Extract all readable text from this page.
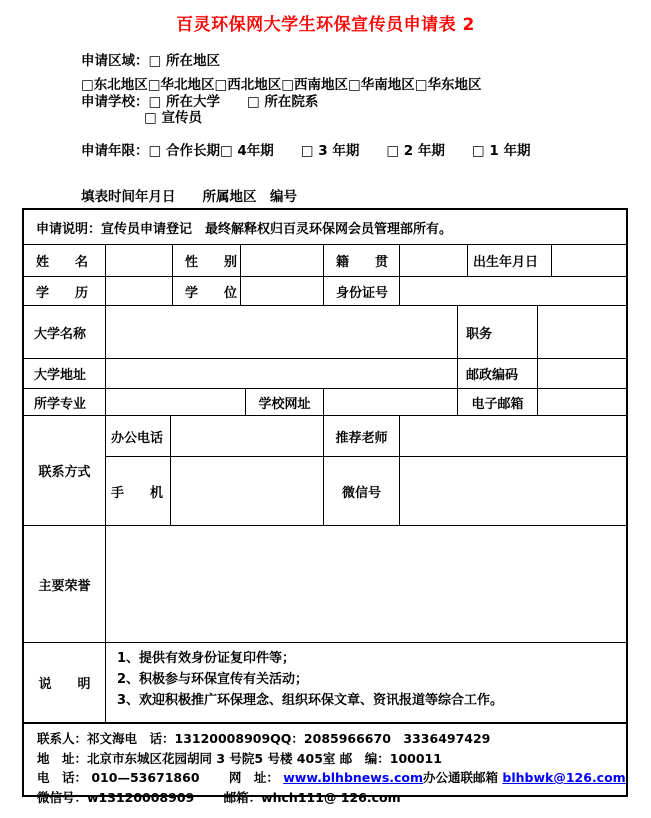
百灵环保网大学生环保宣传员申请表 2
申请区域：□ 所在地区
□东北地区□华北地区□西北地区□西南地区□华南地区□华东地区
申请学校：□ 所在大学　　□ 所在院系
□ 宣传员
申请年限：□ 合作长期□ 4年期　　□ 3 年期　　□ 2 年期　　□ 1 年期
填表时间年月日　　所属地区　编号
申请说明：宣传员申请登记　最终解释权归百灵环保网会员管理部所有。
姓　　名	性　　别	籍　　贯	出生年月日
学　　历	学　　位	身份证号
大学名称	职务
大学地址	邮政编码
所学专业	学校网址	电子邮箱
联系方式
办公电话	推荐老师
手　　机	微信号
主要荣誉
说　　明
1、提供有效身份证复印件等；
2、积极参与环保宣传有关活动；
3、欢迎积极推广环保理念、组织环保文章、资讯报道等综合工作。
联系人：祁文海电　话：13120008909QQ：2085966670　3336497429
地　址：北京市东城区花园胡同 3 号院5 号楼 405室 邮　编：100011
电　话： 010—53671860　　 网　址： www.blhbnews.com办公通联邮箱 blhbwk@126.com
微信号：w13120008909　　 邮箱：whch111@ 126.com
